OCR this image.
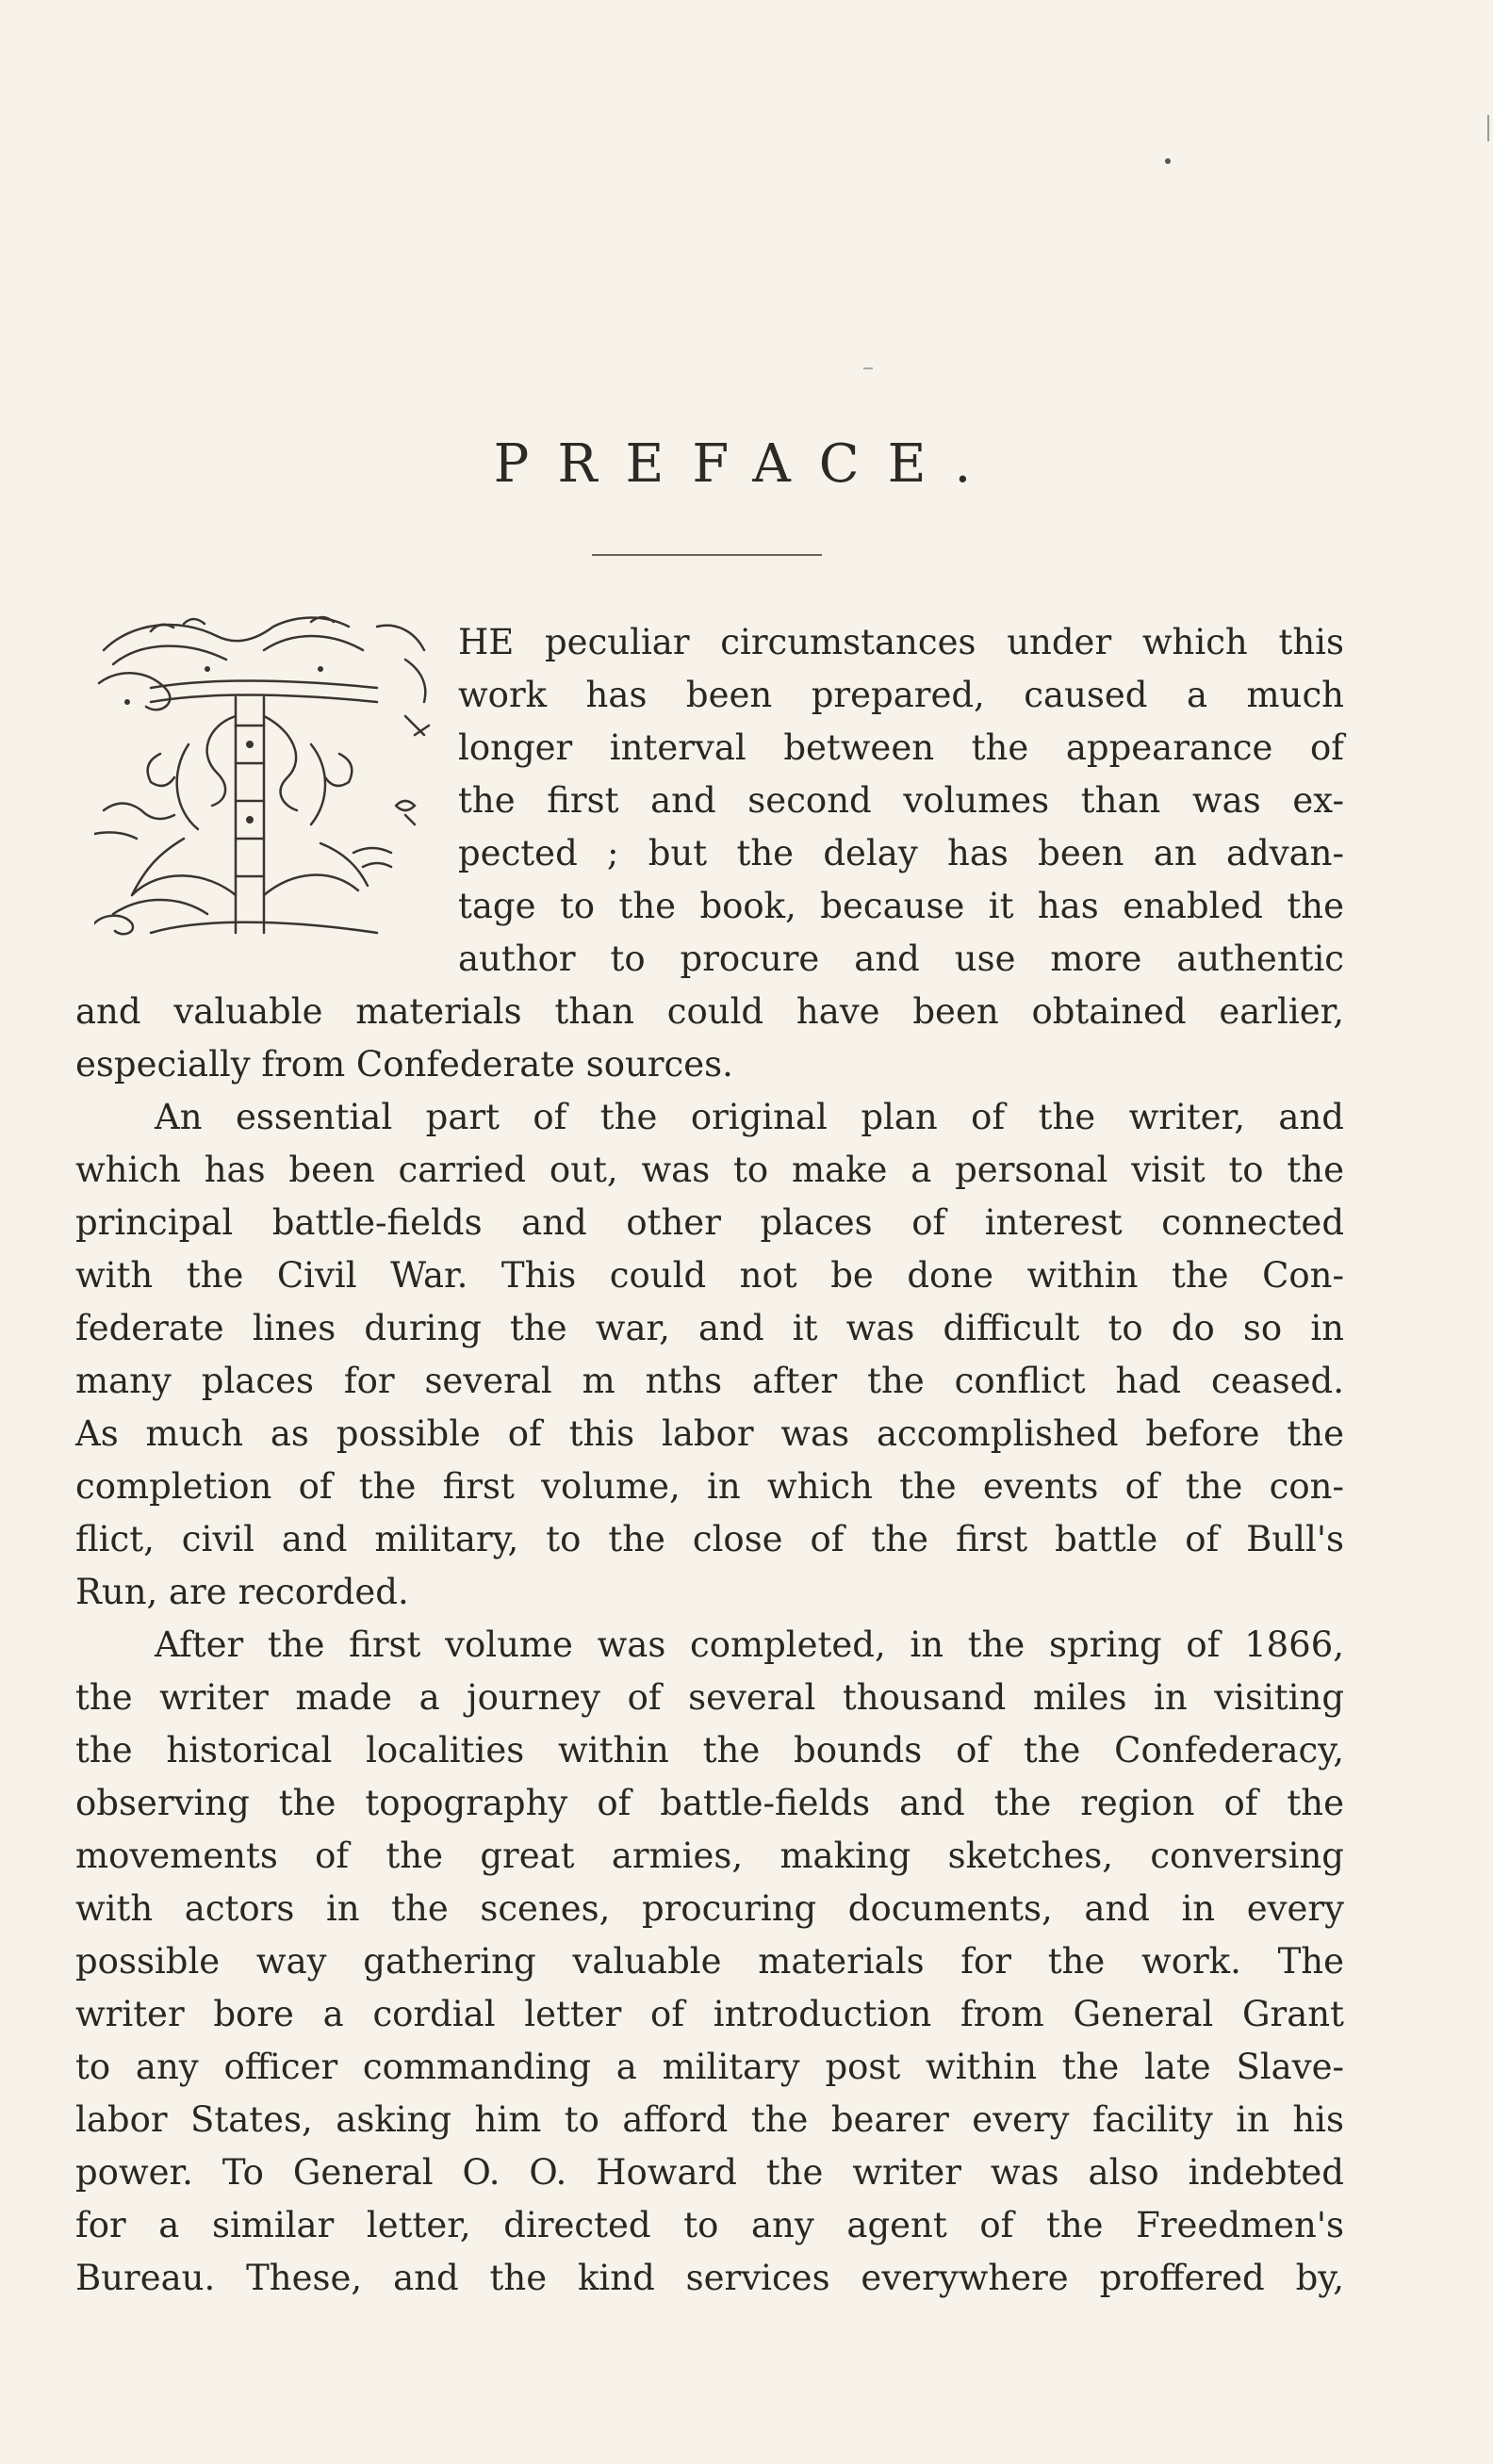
PREFACE.
HE peculiar circumstances under which this
work has been prepared, caused a much
longer interval between the appearance of
the first and second volumes than was ex-
pected ; but the delay has been an advan-
tage to the book, because it has enabled the
author to procure and use more authentic
and valuable materials than could have been obtained earlier,
especially from Confederate sources.
An essential part of the original plan of the writer, and
which has been carried out, was to make a personal visit to the
principal battle-fields and other places of interest connected
with the Civil War. This could not be done within the Con-
federate lines during the war, and it was difficult to do so in
many places for several m nths after the conflict had ceased.
As much as possible of this labor was accomplished before the
completion of the first volume, in which the events of the con-
flict, civil and military, to the close of the first battle of Bull's
Run, are recorded.
After the first volume was completed, in the spring of 1866,
the writer made a journey of several thousand miles in visiting
the historical localities within the bounds of the Confederacy,
observing the topography of battle-fields and the region of the
movements of the great armies, making sketches, conversing
with actors in the scenes, procuring documents, and in every
possible way gathering valuable materials for the work. The
writer bore a cordial letter of introduction from General Grant
to any officer commanding a military post within the late Slave-
labor States, asking him to afford the bearer every facility in his
power. To General O. O. Howard the writer was also indebted
for a similar letter, directed to any agent of the Freedmen's
Bureau. These, and the kind services everywhere proffered by,
